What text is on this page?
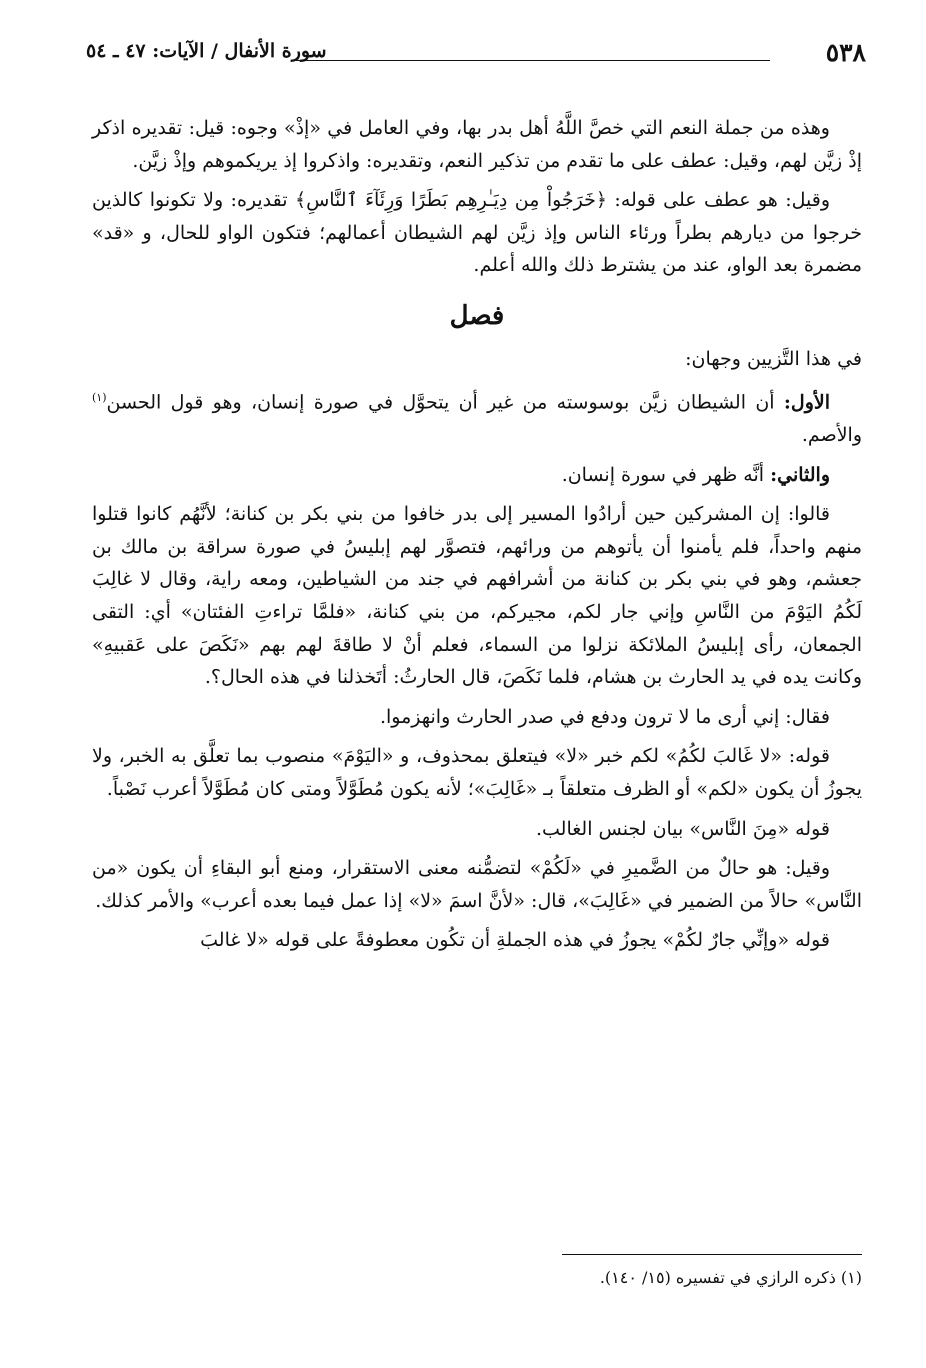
٥٣٨
سورة الأنفال / الآيات: ٤٧ ـ ٥٤

وهذه من جملة النعم التي خصَّ اللَّهُ أهل بدر بها، وفي العامل في «إذْ» وجوه: قيل: تقديره اذكر إذْ زيَّن لهم، وقيل: عطف على ما تقدم من تذكير النعم، وتقديره: واذكروا إذ يريكموهم وإذْ زيَّن.

وقيل: هو عطف على قوله: ﴿خَرَجُواْ مِن دِيَـٰرِهِم بَطَرًا وَرِئَآءَ ٱلنَّاسِ﴾ تقديره: ولا تكونوا كالذين خرجوا من ديارهم بطراً ورئاء الناس وإذ زيَّن لهم الشيطان أعمالهم؛ فتكون الواو للحال، و «قد» مضمرة بعد الواو، عند من يشترط ذلك والله أعلم.

فصل

في هذا التَّزيين وجهان:

الأول: أن الشيطان زيَّن بوسوسته من غير أن يتحوَّل في صورة إنسان، وهو قول الحسن$^{(١)}$ والأصم.

والثاني: أنَّه ظهر في سورة إنسان.

قالوا: إن المشركين حين أرادُوا المسير إلى بدر خافوا من بني بكر بن كنانة؛ لأنَّهُم كانوا قتلوا منهم واحداً، فلم يأمنوا أن يأتوهم من ورائهم، فتصوَّر لهم إبليسُ في صورة سراقة بن مالك بن جعشم، وهو في بني بكر بن كنانة من أشرافهم في جند من الشياطين، ومعه راية، وقال لا غالِبَ لَكُمُ اليَوْمَ من النَّاسِ وإني جار لكم، مجيركم، من بني كنانة، «فلمَّا تراءتِ الفئتان» أي: التقى الجمعان، رأى إبليسُ الملائكة نزلوا من السماء، فعلم أنْ لا طاقةَ لهم بهم «نَكَصَ على عَقبيهِ» وكانت يده في يد الحارث بن هشام، فلما نَكَصَ، قال الحارثُ: أتَخذلنا في هذه الحال؟.

فقال: إني أرى ما لا ترون ودفع في صدر الحارث وانهزموا.

قوله: «لا غَالبَ لكُمُ» لكم خبر «لا» فيتعلق بمحذوف، و «اليَوْمَ» منصوب بما تعلَّق به الخبر، ولا يجوزُ أن يكون «لكم» أو الظرف متعلقاً بـ «غَالِبَ»؛ لأنه يكون مُطَوَّلاً ومتى كان مُطَوَّلاً أعرب نَصْباً.

قوله «مِنَ النَّاس» بيان لجنس الغالب.

وقيل: هو حالٌ من الضَّميرِ في «لَكُمْ» لتضمُّنه معنى الاستقرار، ومنع أبو البقاءِ أن يكون «من النَّاس» حالاً من الضمير في «غَالِبَ»، قال: «لأنَّ اسمَ «لا» إذا عمل فيما بعده أعرب» والأمر كذلك.

قوله «وإنِّي جارٌ لكُمْ» يجوزُ في هذه الجملةِ أن تكُون معطوفةً على قوله «لا غالبَ

(١) ذكره الرازي في تفسيره (١٥/ ١٤٠).
